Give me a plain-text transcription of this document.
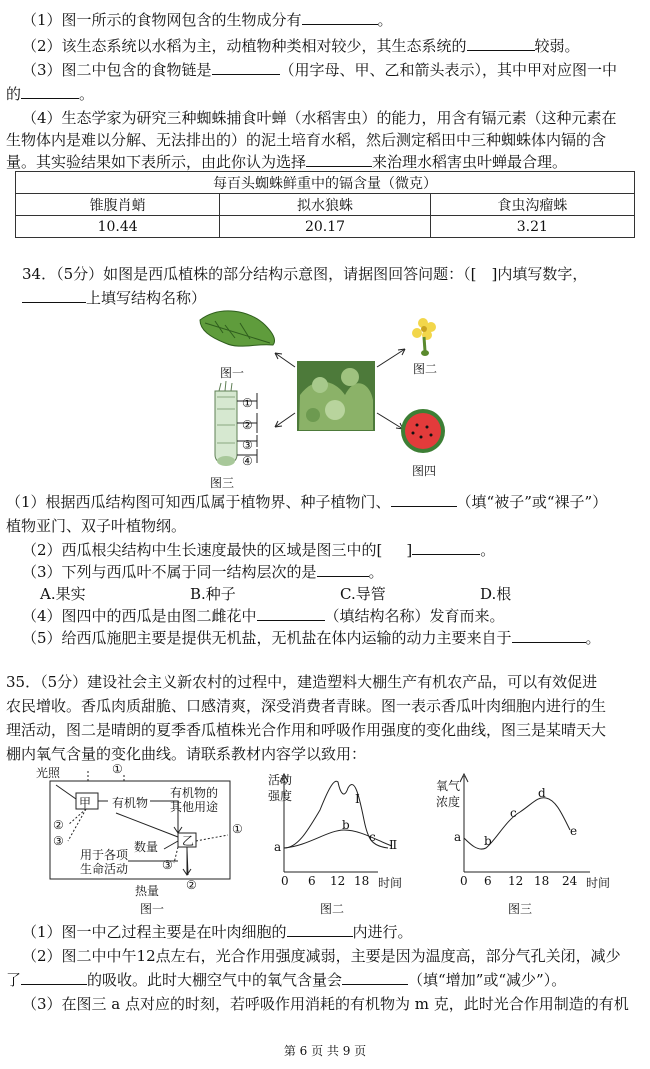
（1）图一所示的食物网包含的生物成分有	。
（2）该生态系统以水稻为主，动植物种类相对较少，其生态系统的	较弱。
（3）图二中包含的食物链是	（用字母、甲、乙和箭头表示），其中甲对应图一中
的	。
（4）生态学家为研究三种蜘蛛捕食叶蝉（水稻害虫）的能力，用含有镉元素（这种元素在
生物体内是难以分解、无法排出的）的泥土培育水稻，然后测定稻田中三种蜘蛛体内镉的含
量。其实验结果如下表所示，由此你认为选择	来治理水稻害虫叶蝉最合理。
每百头蜘蛛鲜重中的镉含量（微克）		
锥腹肖蛸	拟水狼蛛	食虫沟瘤蛛
10.44	20.17	3.21
34．（5分）如图是西瓜植株的部分结构示意图，请据图回答问题：（[　]内填写数字，
上填写结构名称）
图一	图二
图三
图四
①
②
③
④
（1）根据西瓜结构图可知西瓜属于植物界、种子植物门、	（填“被子”或“裸子”）
植物亚门、双子叶植物纲。
（2）西瓜根尖结构中生长速度最快的区域是图三中的[ ]	。
（3）下列与西瓜叶不属于同一结构层次的是	。
A.果实	B.种子	C.导管	D.根
（4）图四中的西瓜是由图二雌花中	（填结构名称）发育而来。
（5）给西瓜施肥主要是提供无机盐，无机盐在体内运输的动力主要来自于	。
35．（5分）建设社会主义新农村的过程中，建造塑料大棚生产有机农产品，可以有效促进
农民增收。香瓜肉质甜脆、口感清爽，深受消费者青睐。图一表示香瓜叶肉细胞内进行的生
理活动，图二是晴朗的夏季香瓜植株光合作用和呼吸作用强度的变化曲线，图三是某晴天大
棚内氧气含量的变化曲线。请联系教材内容学以致用：
光照
甲 有机物
有机物的
其他用途
乙
数量
用于各项
生命活动
热量
①
①
②
③
③
②
图一
活动
强度
a
b
I
c
Ⅱ
0 6 12 18 时间
图二
氧气
浓度
a b
c
d
e
0 6 12 18 24 时间
图三
（1）图一中乙过程主要是在叶肉细胞的	内进行。
（2）图二中中午12点左右，光合作用强度减弱，主要是因为温度高，部分气孔关闭，减少
了	的吸收。此时大棚空气中的氧气含量会	（填“增加”或“减少”）。
（3）在图三 a 点对应的时刻，若呼吸作用消耗的有机物为 m 克，此时光合作用制造的有机
第 6 页 共 9 页
